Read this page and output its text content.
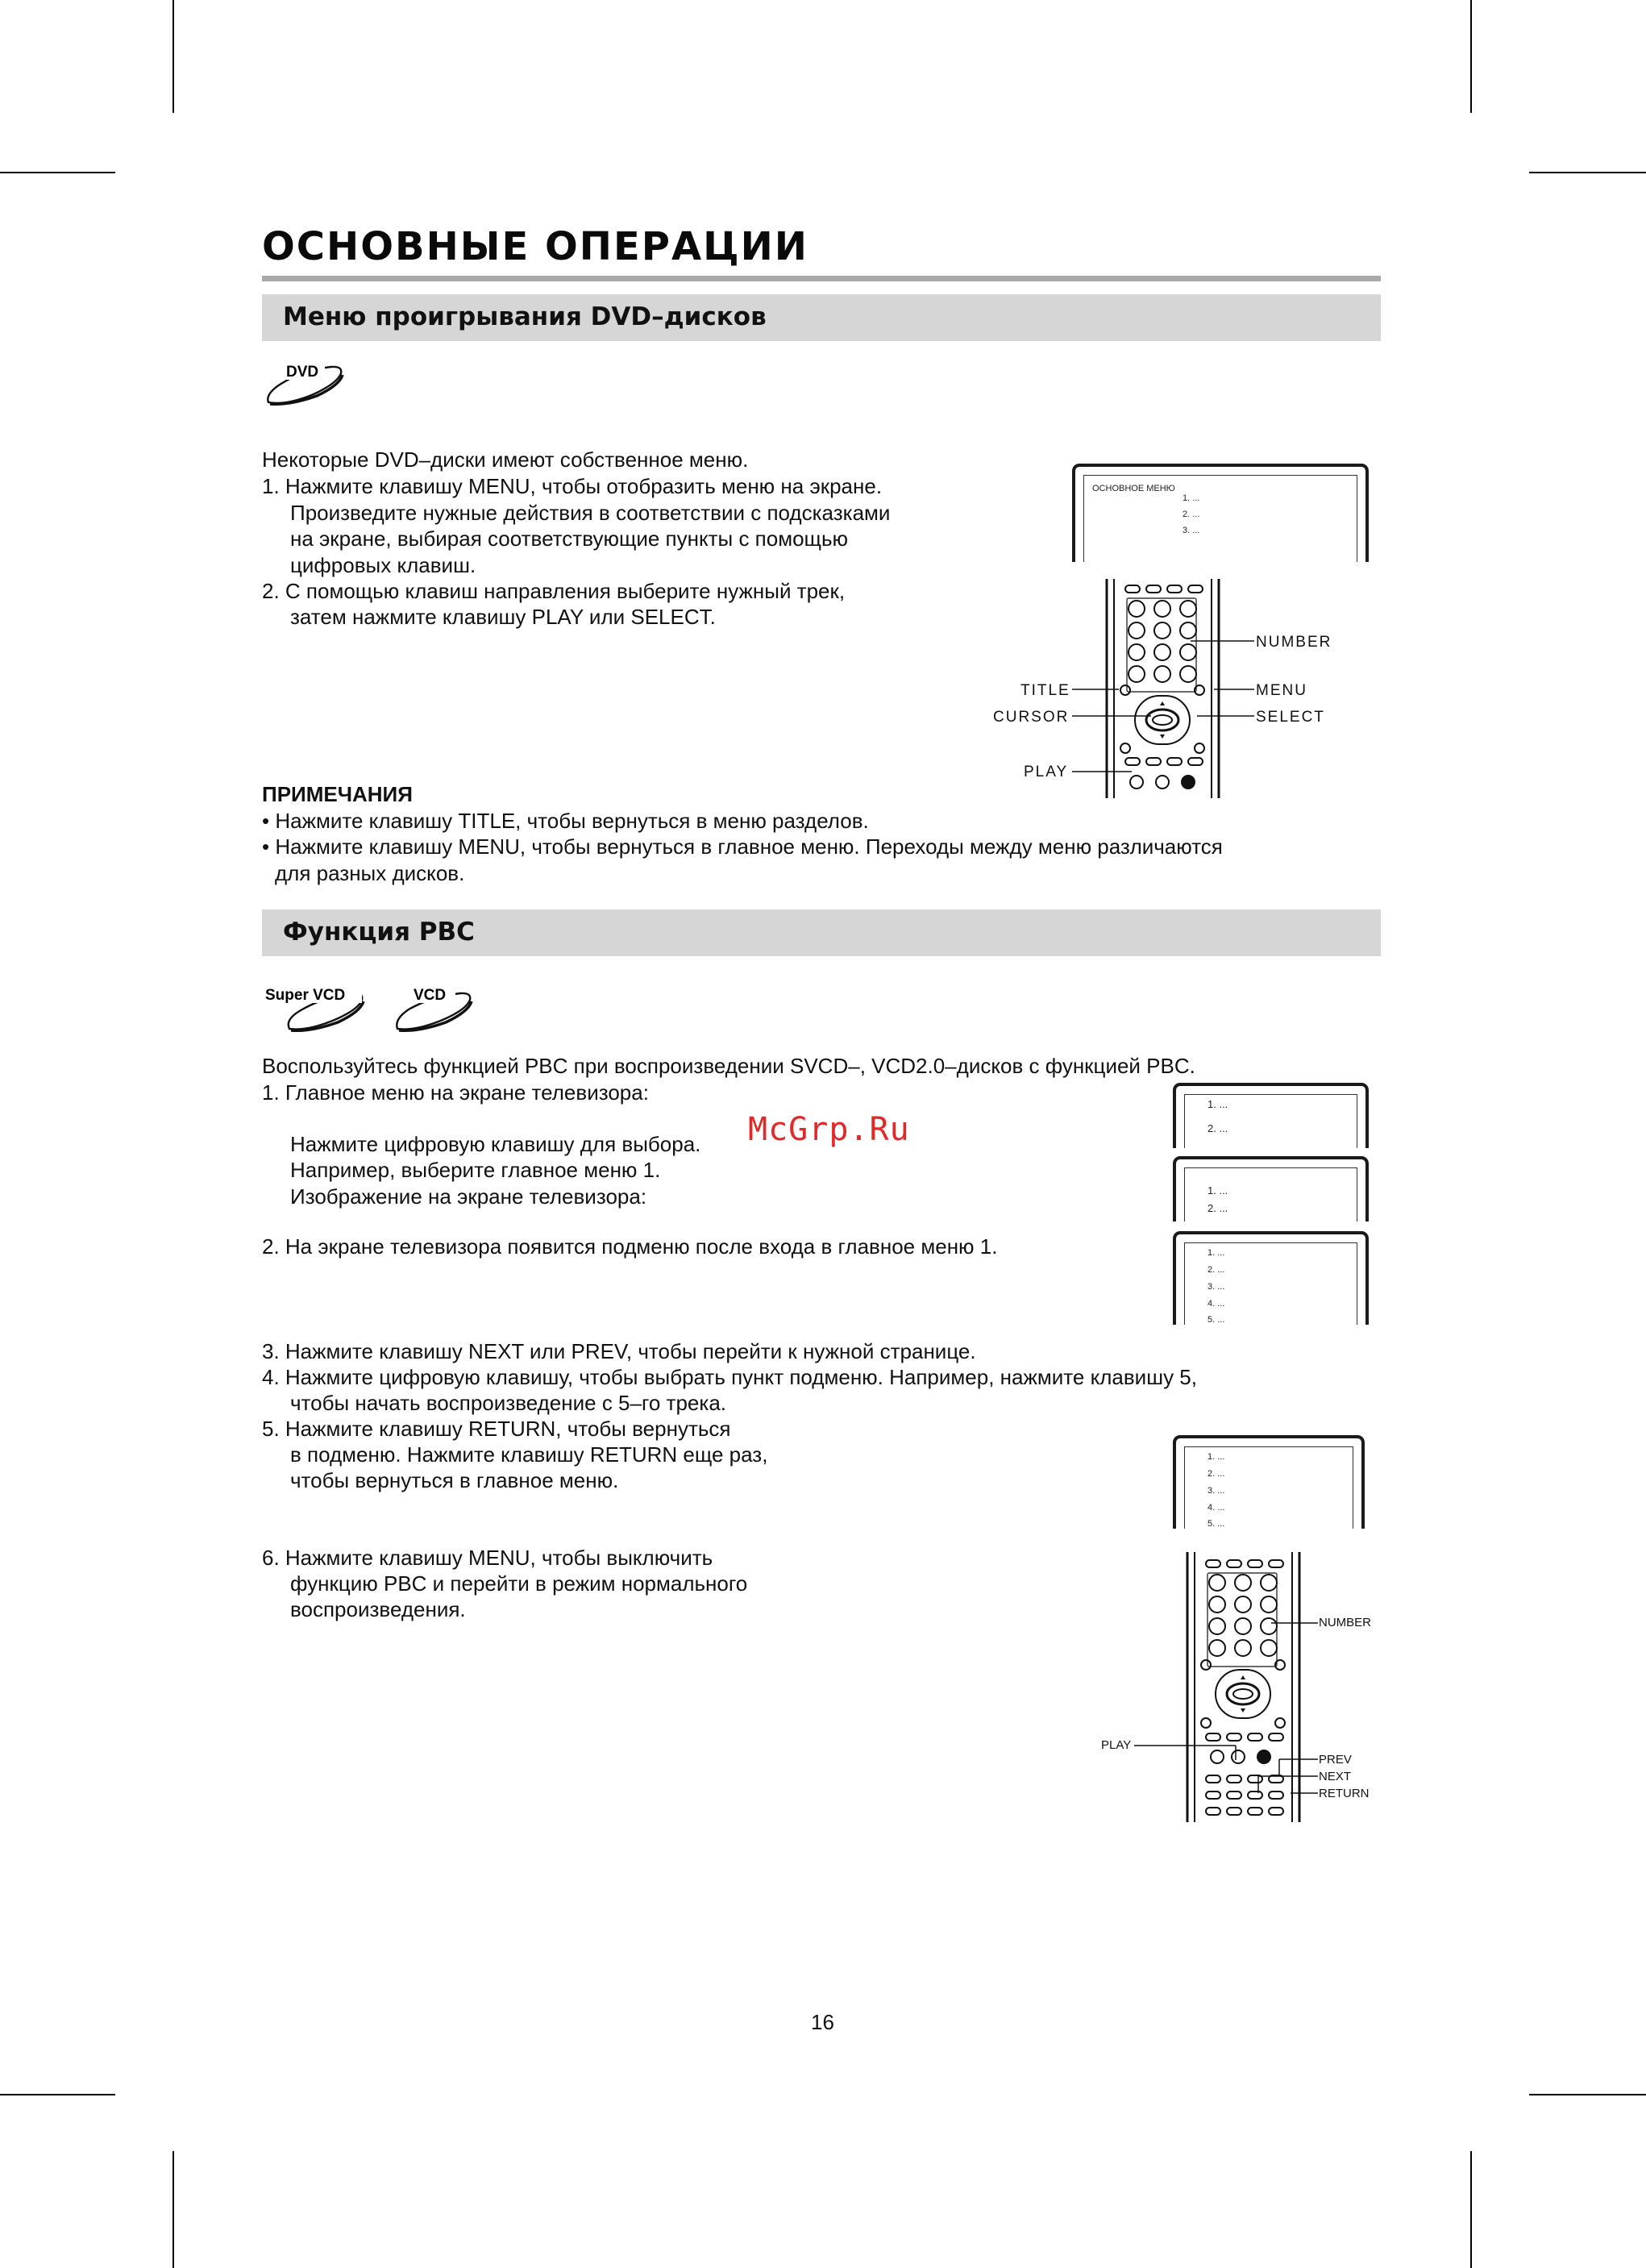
ОСНОВНЫЕ ОПЕРАЦИИ
Меню проигрывания DVD–дисков
DVD
Некоторые DVD–диски имеют собственное меню.
1. Нажмите клавишу MENU, чтобы отобразить меню на экране.
Произведите нужные действия в соответствии с подсказками
на экране, выбирая соответствующие пункты с помощью
цифровых клавиш.
2. С помощью клавиш направления выберите нужный трек,
затем нажмите клавишу PLAY или SELECT.
ОСНОВНОЕ МЕНЮ
1. ...
2. ...
3. ...
NUMBER
TITLE	MENU
CURSOR	SELECT
PLAY
ПРИМЕЧАНИЯ
• Нажмите клавишу TITLE, чтобы вернуться в меню разделов.
• Нажмите клавишу MENU, чтобы вернуться в главное меню. Переходы между меню различаются
для разных дисков.
Функция PBC
Super VCD	VCD
Воспользуйтесь функцией PBC при воспроизведении SVCD–, VCD2.0–дисков с функцией PBC.
1. Главное меню на экране телевизора:
Нажмите цифровую клавишу для выбора.
Например, выберите главное меню 1.
Изображение на экране телевизора:
2. На экране телевизора появится подменю после входа в главное меню 1.
3. Нажмите клавишу NEXT или PREV, чтобы перейти к нужной странице.
4. Нажмите цифровую клавишу, чтобы выбрать пункт подменю. Например, нажмите клавишу 5,
чтобы начать воспроизведение с 5–го трека.
5. Нажмите клавишу RETURN, чтобы вернуться
в подменю. Нажмите клавишу RETURN еще раз,
чтобы вернуться в главное меню.
6. Нажмите клавишу MENU, чтобы выключить
функцию PBC и перейти в режим нормального
воспроизведения.
1. ...
2. ...
1. ...
2. ...
1. ...
2. ...
3. ...
4. ...
5. ...
1. ...
2. ...
3. ...
4. ...
5. ...
NUMBER
PLAY
PREV
NEXT
RETURN
McGrp.Ru
16
